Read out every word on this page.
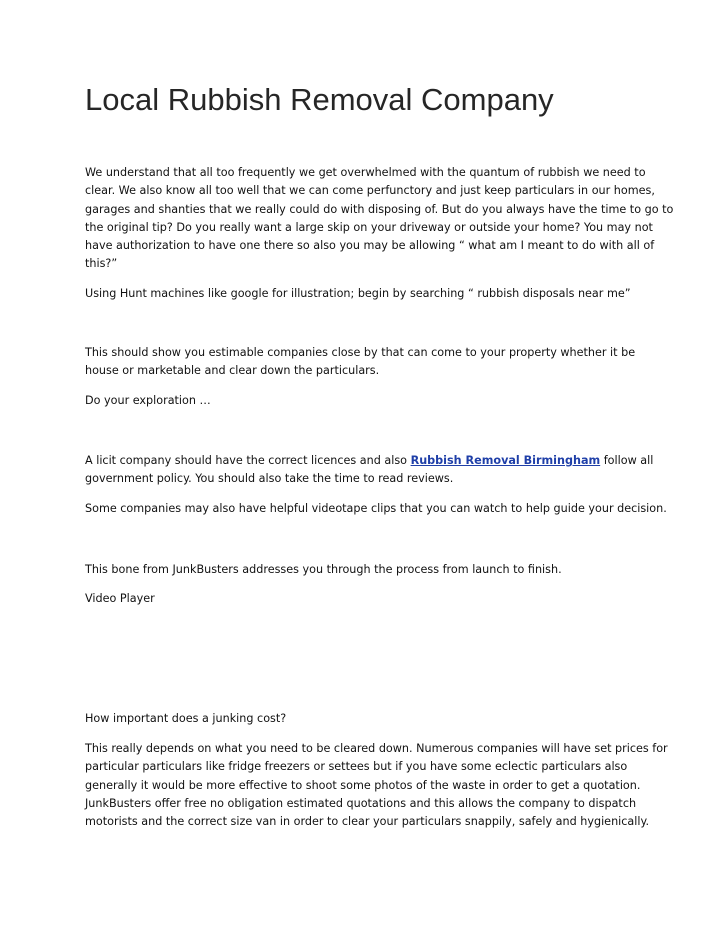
Local Rubbish Removal Company

We understand that all too frequently we get overwhelmed with the quantum of rubbish we need to
clear. We also know all too well that we can come perfunctory and just keep particulars in our homes,
garages and shanties that we really could do with disposing of. But do you always have the time to go to
the original tip? Do you really want a large skip on your driveway or outside your home? You may not
have authorization to have one there so also you may be allowing “ what am I meant to do with all of
this?”

Using Hunt machines like google for illustration; begin by searching “ rubbish disposals near me”

This should show you estimable companies close by that can come to your property whether it be
house or marketable and clear down the particulars.

Do your exploration …

A licit company should have the correct licences and also Rubbish Removal Birmingham follow all
government policy. You should also take the time to read reviews.

Some companies may also have helpful videotape clips that you can watch to help guide your decision.

This bone from JunkBusters addresses you through the process from launch to finish.

Video Player

How important does a junking cost?

This really depends on what you need to be cleared down. Numerous companies will have set prices for
particular particulars like fridge freezers or settees but if you have some eclectic particulars also
generally it would be more effective to shoot some photos of the waste in order to get a quotation.
JunkBusters offer free no obligation estimated quotations and this allows the company to dispatch
motorists and the correct size van in order to clear your particulars snappily, safely and hygienically.
